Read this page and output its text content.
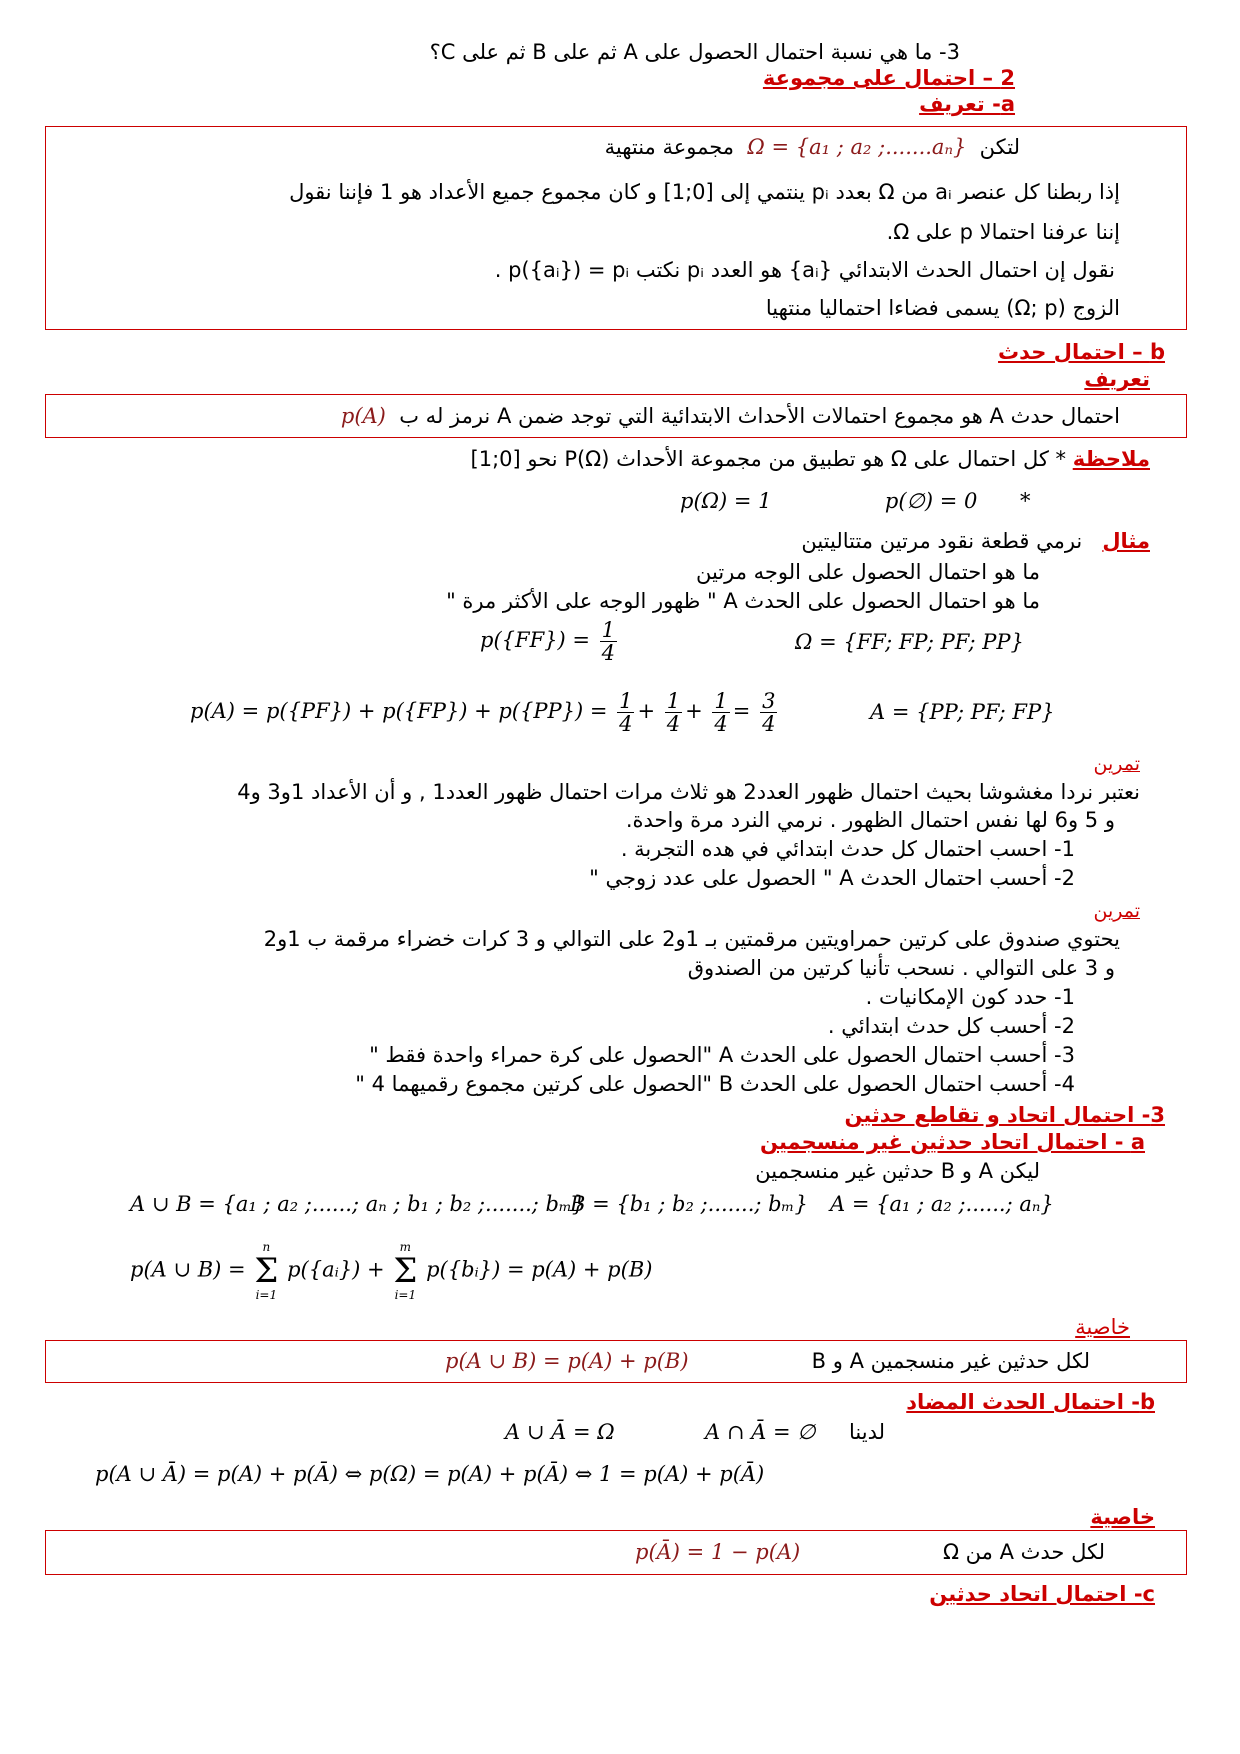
3- ما هي نسبة احتمال الحصول على A ثم على B ثم على C؟
2 – احتمال على مجموعة
a- تعريف
لتكن  Ω = {a₁ ; a₂ ;.......aₙ}  مجموعة منتهية
إذا ربطنا كل عنصر aᵢ من Ω بعدد pᵢ ينتمي إلى [0;1] و كان مجموع جميع الأعداد هو 1 فإننا نقول
إننا عرفنا احتمالا p على Ω.
نقول إن احتمال الحدث الابتدائي {aᵢ} هو العدد pᵢ نكتب p({aᵢ}) = pᵢ .
الزوج (Ω; p) يسمى فضاءا احتماليا منتهيا
b – احتمال حدث
تعريف
احتمال حدث A هو مجموع احتمالات الأحداث الابتدائية التي توجد ضمن A نرمز له ب  p(A)
ملاحظة * كل احتمال على Ω هو تطبيق من مجموعة الأحداث P(Ω) نحو [0;1]
p(Ω) = 1	p(∅) = 0 *
مثال   نرمي قطعة نقود مرتين متتاليتين
ما هو احتمال الحصول على الوجه مرتين
ما هو احتمال الحصول على الحدث A " ظهور الوجه على الأكثر مرة "
$p(\{FF\}) = \frac{1}{4}$	Ω = {FF; FP; PF; PP}
$p(A) = p(\{PF\}) + p(\{FP\}) + p(\{PP\}) = \frac{1}{4} + \frac{1}{4} + \frac{1}{4} = \frac{3}{4}$	A = {PP; PF; FP}
تمرين
نعتبر نردا مغشوشا بحيث احتمال ظهور العدد2 هو ثلاث مرات احتمال ظهور العدد1 , و أن الأعداد 1و3 و4
و 5 و6 لها نفس احتمال الظهور . نرمي النرد مرة واحدة.
1- احسب احتمال كل حدث ابتدائي في هده التجربة .
2- أحسب احتمال الحدث A " الحصول على عدد زوجي "
تمرين
يحتوي صندوق على كرتين حمراويتين مرقمتين بـ 1و2 على التوالي و 3 كرات خضراء مرقمة ب 1و2
و 3 على التوالي . نسحب تأنيا كرتين من الصندوق
1- حدد كون الإمكانيات .
2- أحسب كل حدث ابتدائي .
3- أحسب احتمال الحصول على الحدث A "الحصول على كرة حمراء واحدة فقط "
4- أحسب احتمال الحصول على الحدث B "الحصول على كرتين مجموع رقميهما 4 "
3- احتمال اتحاد و تقاطع حدثين
a - احتمال اتحاد حدثين غير منسجمين
ليكن A و B حدثين غير منسجمين
A ∪ B = {a₁ ; a₂ ;......; aₙ ; b₁ ; b₂ ;.......; bₘ}
B = {b₁ ; b₂ ;.......; bₘ} A = {a₁ ; a₂ ;......; aₙ}
p(A ∪ B) =
n
Σ
i=1
p({aᵢ}) +
m
Σ
i=1
p({bᵢ}) = p(A) + p(B)
خاصية
لكل حدثين غير منسجمين A و B
p(A ∪ B) = p(A) + p(B)
b- احتمال الحدث المضاد
لدينا
A ∩ Ā = ∅
A ∪ Ā = Ω
p(A ∪ Ā) = p(A) + p(Ā) ⇔ p(Ω) = p(A) + p(Ā) ⇔ 1 = p(A) + p(Ā)
خاصية
لكل حدث A من Ω
p(Ā) = 1 − p(A)
c- احتمال اتحاد حدثين
